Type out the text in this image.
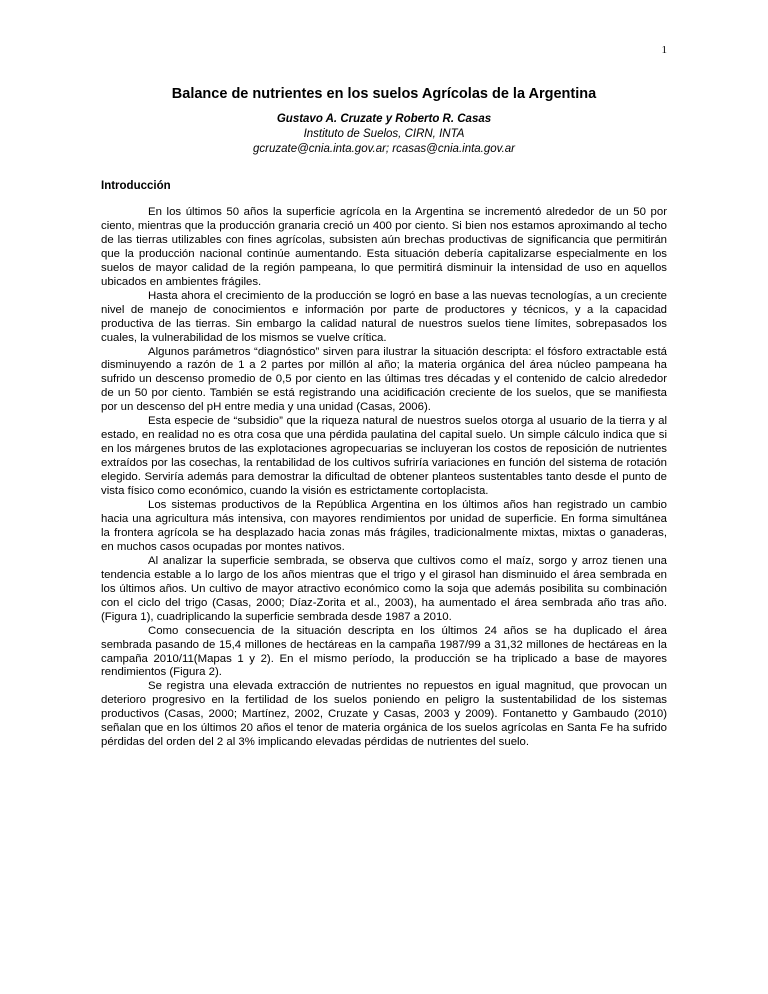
1
Balance de nutrientes en los suelos Agrícolas de la Argentina
Gustavo A. Cruzate y Roberto R. Casas
Instituto de Suelos, CIRN, INTA
gcruzate@cnia.inta.gov.ar; rcasas@cnia.inta.gov.ar
Introducción

En los últimos 50 años la superficie agrícola en la Argentina se incrementó alrededor de un 50 por ciento, mientras que la producción granaria creció un 400 por ciento. Si bien nos estamos aproximando al techo de las tierras utilizables con fines agrícolas, subsisten aún brechas productivas de significancia que permitirán que la producción nacional continúe aumentando. Esta situación debería capitalizarse especialmente en los suelos de mayor calidad de la región pampeana, lo que permitirá disminuir la intensidad de uso en aquellos ubicados en ambientes frágiles.

Hasta ahora el crecimiento de la producción se logró en base a las nuevas tecnologías, a un creciente nivel de manejo de conocimientos e información por parte de productores y técnicos, y a la capacidad productiva de las tierras. Sin embargo la calidad natural de nuestros suelos tiene límites, sobrepasados los cuales, la vulnerabilidad de los mismos se vuelve crítica.

Algunos parámetros “diagnóstico” sirven para ilustrar la situación descripta: el fósforo extractable está disminuyendo a razón de 1 a 2 partes por millón al año; la materia orgánica del área núcleo pampeana ha sufrido un descenso promedio de 0,5 por ciento en las últimas tres décadas y el contenido de calcio alrededor de un 50 por ciento. También se está registrando una acidificación creciente de los suelos, que se manifiesta por un descenso del pH entre media y una unidad (Casas, 2006).

Esta especie de “subsidio” que la riqueza natural de nuestros suelos otorga al usuario de la tierra y al estado, en realidad no es otra cosa que una pérdida paulatina del capital suelo. Un simple cálculo indica que si en los márgenes brutos de las explotaciones agropecuarias se incluyeran los costos de reposición de nutrientes extraídos por las cosechas, la rentabilidad de los cultivos sufriría variaciones en función del sistema de rotación elegido. Serviría además para demostrar la dificultad de obtener planteos sustentables tanto desde el punto de vista físico como económico, cuando la visión es estrictamente cortoplacista.

Los sistemas productivos de la República Argentina en los últimos años han registrado un cambio hacia una agricultura más intensiva, con mayores rendimientos por unidad de superficie. En forma simultánea la frontera agrícola se ha desplazado hacia zonas más frágiles, tradicionalmente mixtas, mixtas o ganaderas, en muchos casos ocupadas por montes nativos.

Al analizar la superficie sembrada, se observa que cultivos como el maíz, sorgo y arroz tienen una tendencia estable a lo largo de los años mientras que el trigo y el girasol han disminuido el área sembrada en los últimos años. Un cultivo de mayor atractivo económico como la soja que además posibilita su combinación con el ciclo del trigo (Casas, 2000; Díaz-Zorita et al., 2003), ha aumentado el área sembrada año tras año.(Figura 1), cuadriplicando la superficie sembrada desde 1987 a 2010.

Como consecuencia de la situación descripta en los últimos 24 años se ha duplicado el área sembrada pasando de 15,4 millones de hectáreas en la campaña 1987/99 a 31,32 millones de hectáreas en la campaña 2010/11(Mapas 1 y 2). En el mismo período, la producción se ha triplicado a base de mayores rendimientos (Figura 2).

Se registra una elevada extracción de nutrientes no repuestos en igual magnitud, que provocan un deterioro progresivo en la fertilidad de los suelos poniendo en peligro la sustentabilidad de los sistemas productivos (Casas, 2000; Martínez, 2002, Cruzate y Casas, 2003 y 2009). Fontanetto y Gambaudo (2010) señalan que en los últimos 20 años el tenor de materia orgánica de los suelos agrícolas en Santa Fe ha sufrido pérdidas del orden del 2 al 3% implicando elevadas pérdidas de nutrientes del suelo.
